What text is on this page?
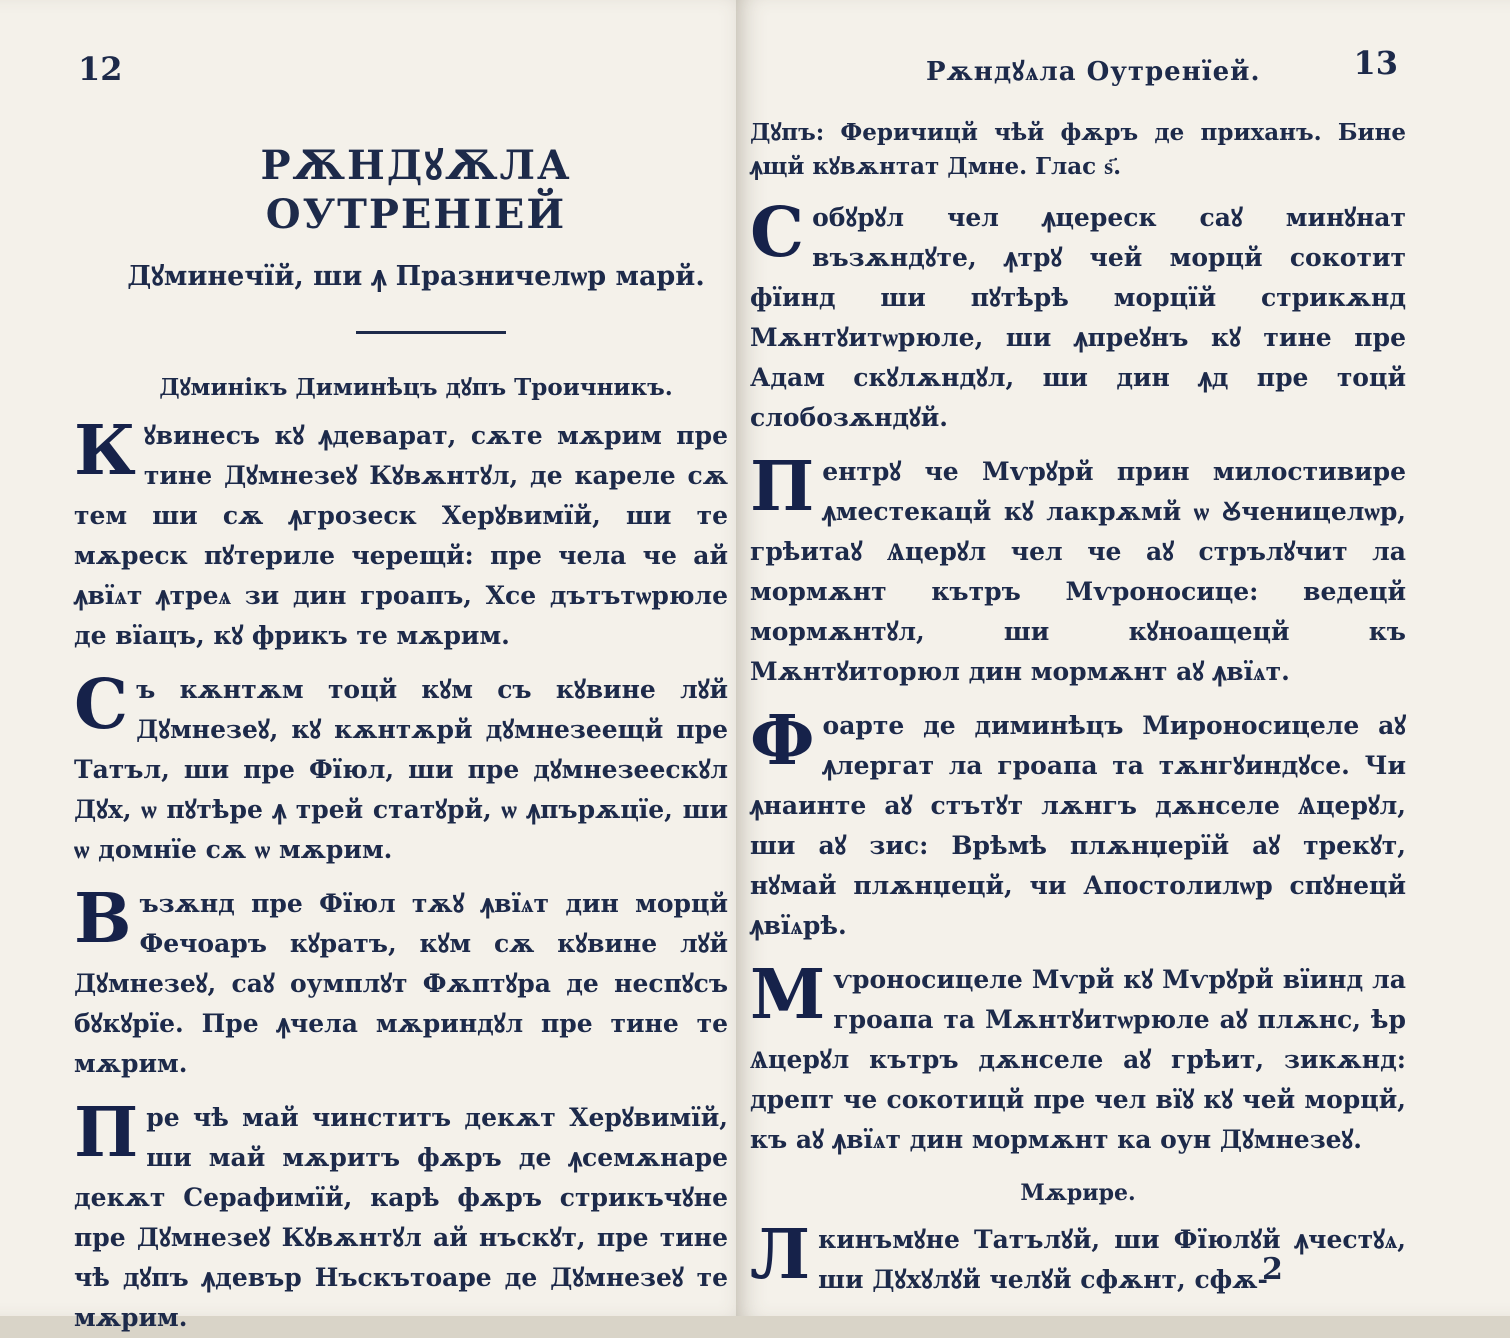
12
РѪНДꙋѪЛА ОУТРЕНІЕЙ
Дꙋминечїй, ши ꙟ Празничелѡр марй.
Дꙋминікъ Диминѣцъ дꙋпъ Троичникъ.
Кꙋвинесъ кꙋ ꙟдеварат, сѫте мѫрим пре тине Дꙋмнезеꙋ Кꙋвѫнтꙋл, де кареле сѫ тем ши сѫ ꙟгрозеск Херꙋвимїй, ши те мѫреск пꙋтериле черещй: пре чела че ай ꙟвїѧт ꙟтреѧ зи дин гроапъ, Хсе дътътѡрюле де вїацъ, кꙋ фрикъ те мѫрим.
Съ кѫнтѫм тоцй кꙋм съ кꙋвине лꙋй Дꙋмнезеꙋ, кꙋ кѫнтѫрй дꙋмнезеещй пре Татъл, ши пре Фїюл, ши пре дꙋмнезеескꙋл Дꙋх, ѡ пꙋтѣре ꙟ трей статꙋрй, ѡ ꙟпърѫцїе, ши ѡ домнїе сѫ ѡ мѫрим.
Възѫнд пре Фїюл тѫꙋ ꙟвїѧт дин морцй Фечоаръ кꙋратъ, кꙋм сѫ кꙋвине лꙋй Дꙋмнезеꙋ, саꙋ оумплꙋт Фѫптꙋра де неспꙋсъ бꙋкꙋрїе. Пре ꙟчела мѫриндꙋл пре тине те мѫрим.
Пре чѣ май чинститъ декѫт Херꙋвимїй, ши май мѫритъ фѫръ де ꙟсемѫнаре декѫт Серафимїй, карѣ фѫръ стрикъчꙋне пре Дꙋмнезеꙋ Кꙋвѫнтꙋл ай нъскꙋт, пре тине чѣ дꙋпъ ꙟдевър Нъскътоаре де Дꙋмнезеꙋ те мѫрим.
Рѫндꙋѧла Оутренїей.	13
Дꙋпъ: Феричицй чѣй фѫръ де приханъ. Бине ꙟщй кꙋвѫнтат Дмне. Глас ѕ҃.
Собꙋрꙋл чел ꙟцереск саꙋ минꙋнат възѫндꙋте, ꙟтрꙋ чей морцй сокотит фїинд ши пꙋтѣрѣ морцїй стрикѫнд Мѫнтꙋитѡрюле, ши ꙟпреꙋнъ кꙋ тине пре Адам скꙋлѫндꙋл, ши дин ꙟд пре тоцй слобозѫндꙋй.
Пентрꙋ че Мѵрꙋрй прин милостивире ꙟместекацй кꙋ лакрѫмй ѡ Ꙋченицелѡр, грѣитаꙋ Ѧцерꙋл чел че аꙋ стрълꙋчит ла мормѫнт кътръ Мѵроносице: ведецй мормѫнтꙋл, ши кꙋноащецй къ Мѫнтꙋиторюл дин мормѫнт аꙋ ꙟвїѧт.
Фоарте де диминѣцъ Мироносицеле аꙋ ꙟлергат ла гроапа та тѫнгꙋиндꙋсе. Чи ꙟнаинте аꙋ стътꙋт лѫнгъ дѫнселе Ѧцерꙋл, ши аꙋ зис: Врѣмѣ плѫнџерїй аꙋ трекꙋт, нꙋмай плѫнџецй, чи Апостолилѡр спꙋнецй ꙟвїѧрѣ.
Мѵроносицеле Мѵрй кꙋ Мѵрꙋрй вїинд ла гроапа та Мѫнтꙋитѡрюле аꙋ плѫнс, ѣр Ѧцерꙋл кътръ дѫнселе аꙋ грѣит, зикѫнд: дрепт че сокотицй пре чел вїꙋ кꙋ чей морцй, къ аꙋ ꙟвїѧт дин мормѫнт ка оун Дꙋмнезеꙋ.
Мѫрире.
Лкинъмꙋне Татълꙋй, ши Фїюлꙋй ꙟчестꙋѧ, ши Дꙋхꙋлꙋй челꙋй сфѫнт, сфѫ-
2
